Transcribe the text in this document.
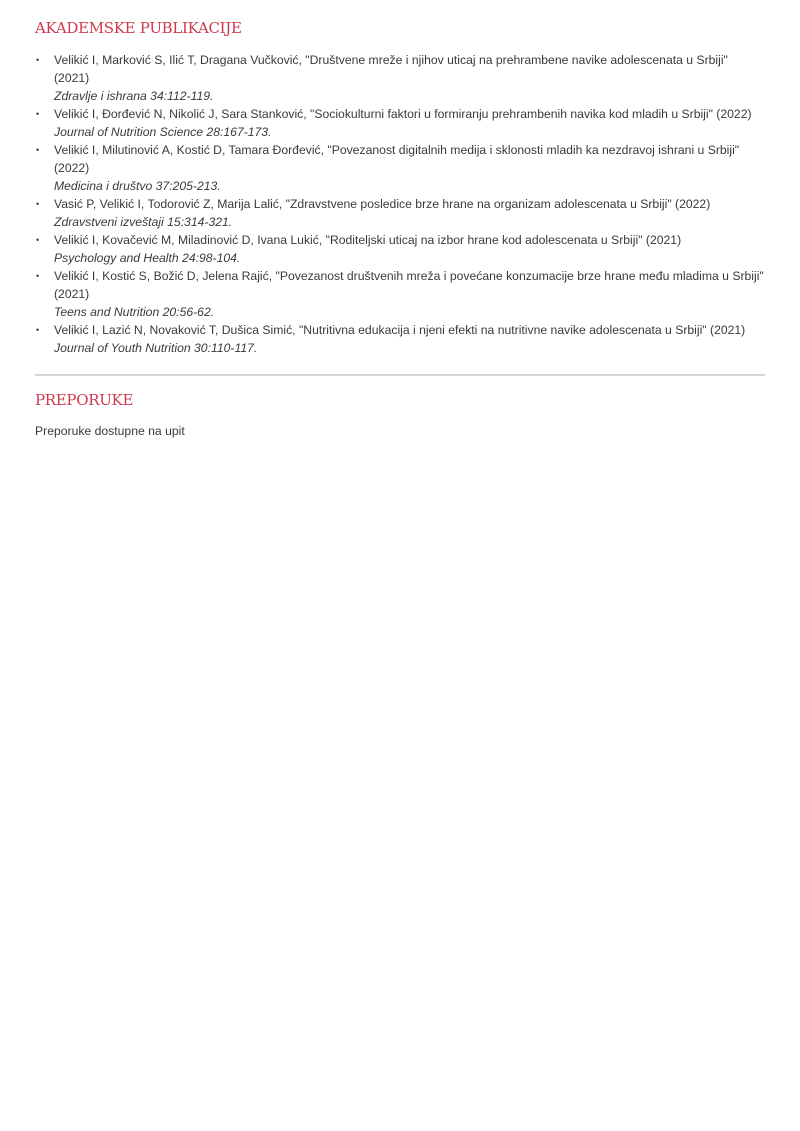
AKADEMSKE PUBLIKACIJE
• Velikić I, Marković S, Ilić T, Dragana Vučković, "Društvene mreže i njihov uticaj na prehrambene navike adolescenata u Srbiji" (2021)
Zdravlje i ishrana 34:112-119.
• Velikić I, Đorđević N, Nikolić J, Sara Stanković, "Sociokulturni faktori u formiranju prehrambenih navika kod mladih u Srbiji" (2022)
Journal of Nutrition Science 28:167-173.
• Velikić I, Milutinović A, Kostić D, Tamara Đorđević, "Povezanost digitalnih medija i sklonosti mladih ka nezdravoj ishrani u Srbiji" (2022)
Medicina i društvo 37:205-213.
• Vasić P, Velikić I, Todorović Z, Marija Lalić, "Zdravstvene posledice brze hrane na organizam adolescenata u Srbiji" (2022)
Zdravstveni izveštaji 15:314-321.
• Velikić I, Kovačević M, Miladinović D, Ivana Lukić, "Roditeljski uticaj na izbor hrane kod adolescenata u Srbiji" (2021)
Psychology and Health 24:98-104.
• Velikić I, Kostić S, Božić D, Jelena Rajić, "Povezanost društvenih mreža i povećane konzumacije brze hrane među mladima u Srbiji" (2021)
Teens and Nutrition 20:56-62.
• Velikić I, Lazić N, Novaković T, Dušica Simić, "Nutritivna edukacija i njeni efekti na nutritivne navike adolescenata u Srbiji" (2021)
Journal of Youth Nutrition 30:110-117.
PREPORUKE

Preporuke dostupne na upit
